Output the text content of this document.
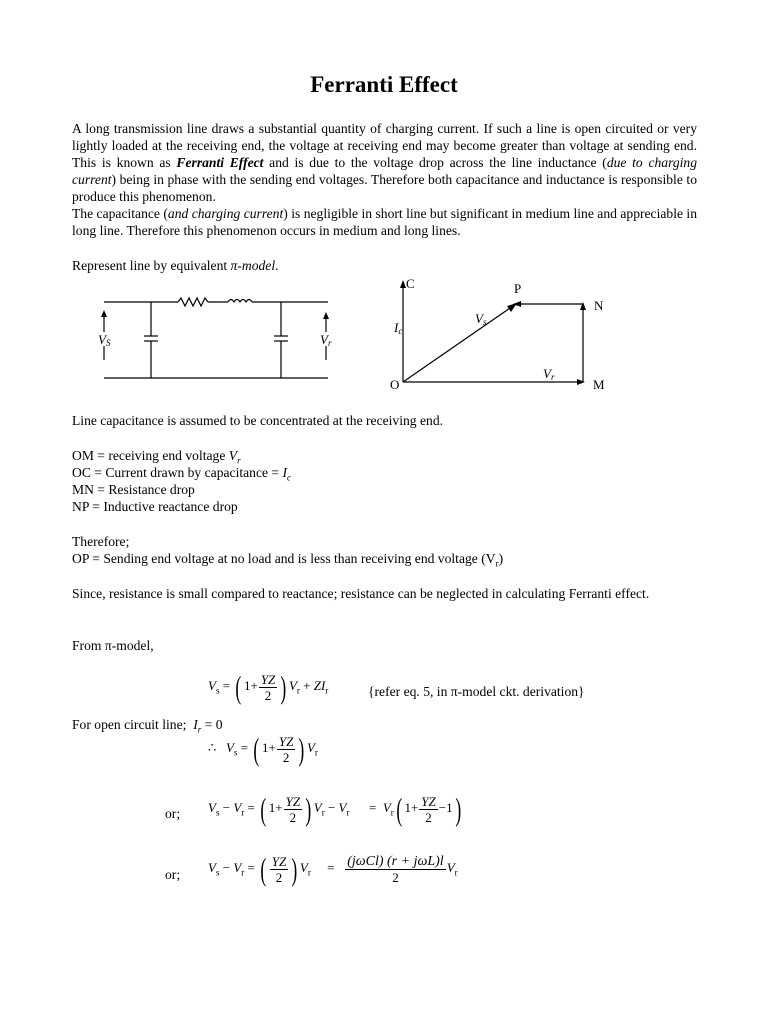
Ferranti Effect

A long transmission line draws a substantial quantity of charging current. If such a line is open circuited or very lightly loaded at the receiving end, the voltage at receiving end may become greater than voltage at sending end. This is known as Ferranti Effect and is due to the voltage drop across the line inductance (due to charging current) being in phase with the sending end voltages. Therefore both capacitance and inductance is responsible to produce this phenomenon.

The capacitance (and charging current) is negligible in short line but significant in medium line and appreciable in long line. Therefore this phenomenon occurs in medium and long lines.

Represent line by equivalent π-model.

VS	Vr
C	P
N
O	M
Ic
Vs
Vr

Line capacitance is assumed to be concentrated at the receiving end.

OM = receiving end voltage $V_r$

OC = Current drawn by capacitance = $I_c$

MN = Resistance drop

NP = Inductive reactance drop

Therefore;

OP = Sending end voltage at no load and is less than receiving end voltage $(V_r)$

Since, resistance is small compared to reactance; resistance can be neglected in calculating Ferranti effect.

From π-model,

$V_s$ = ( $1+ \frac{YZ}{2}$ ) $V_r + ZI_r$	{refer eq. 5, in π-model ckt. derivation}

For open circuit line; $I_r = 0$

∴ $V_s$ = ( $1+ \frac{YZ}{2}$ ) $V_r$
or; $V_s - V_r$ = ( $1+ \frac{YZ}{2}$ ) $V_r - V_r$      =  $V_r$( $1+ \frac{YZ}{2} -1$)
or; $V_s - V_r$ = ( $\frac{YZ}{2}$ ) $V_r$     = $\frac{\text{(jωCl) (r + jωL)l}}{2} V_r$
